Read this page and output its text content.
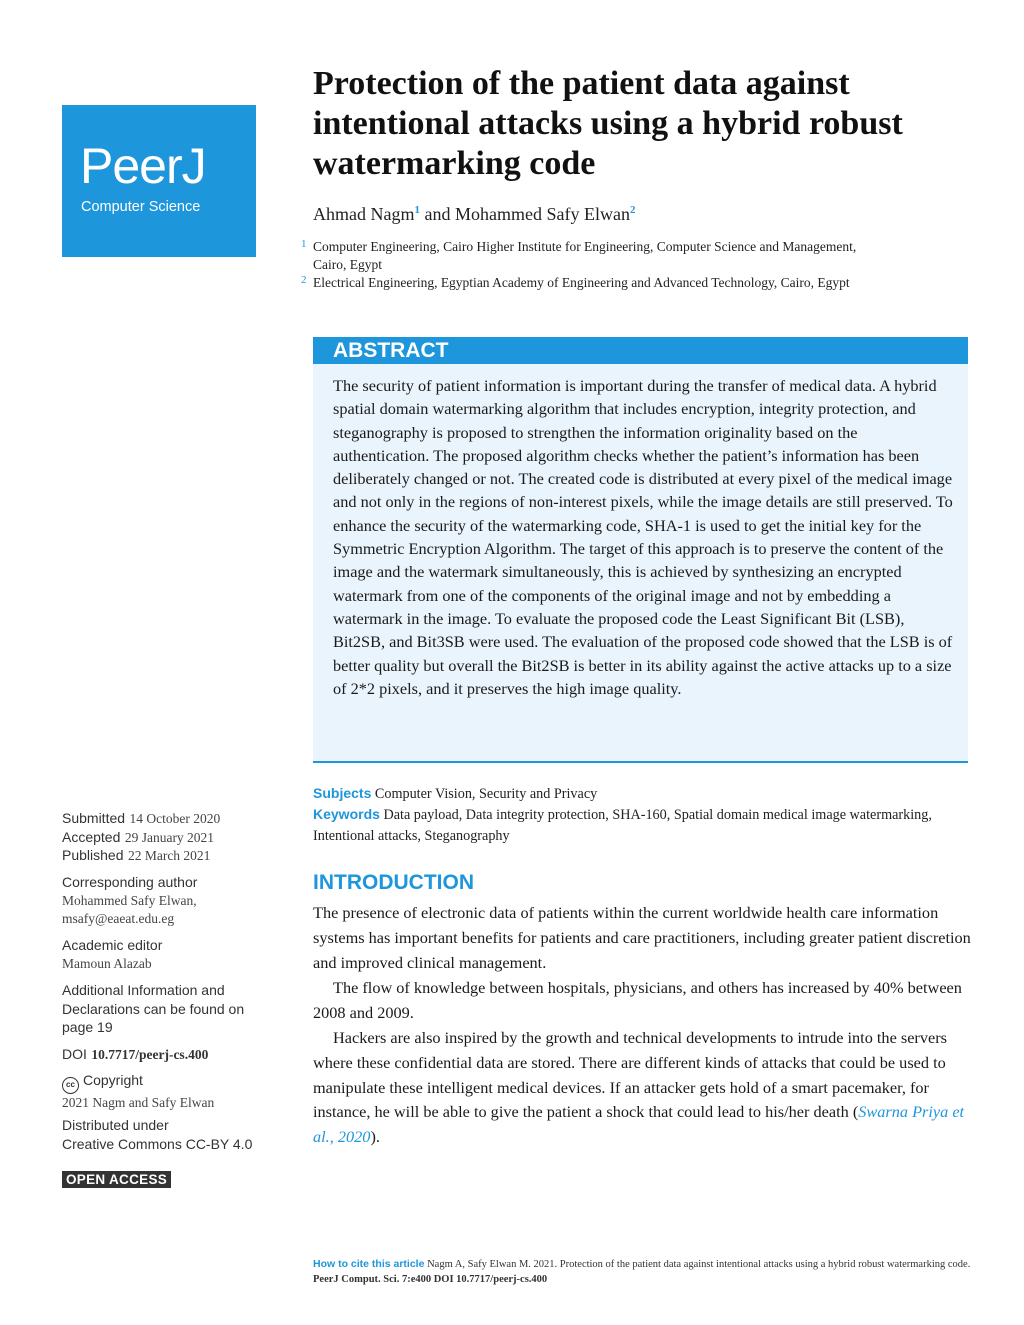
PeerJ
Computer Science
Protection of the patient data against intentional attacks using a hybrid robust watermarking code
Ahmad Nagm$^1$ and Mohammed Safy Elwan$^2$
1 Computer Engineering, Cairo Higher Institute for Engineering, Computer Science and Management, Cairo, Egypt
2 Electrical Engineering, Egyptian Academy of Engineering and Advanced Technology, Cairo, Egypt
ABSTRACT

The security of patient information is important during the transfer of medical data. A hybrid spatial domain watermarking algorithm that includes encryption, integrity protection, and steganography is proposed to strengthen the information originality based on the authentication. The proposed algorithm checks whether the patient’s information has been deliberately changed or not. The created code is distributed at every pixel of the medical image and not only in the regions of non-interest pixels, while the image details are still preserved. To enhance the security of the watermarking code, SHA-1 is used to get the initial key for the Symmetric Encryption Algorithm. The target of this approach is to preserve the content of the image and the watermark simultaneously, this is achieved by synthesizing an encrypted watermark from one of the components of the original image and not by embedding a watermark in the image. To evaluate the proposed code the Least Significant Bit (LSB), Bit2SB, and Bit3SB were used. The evaluation of the proposed code showed that the LSB is of better quality but overall the Bit2SB is better in its ability against the active attacks up to a size of 2*2 pixels, and it preserves the high image quality.

Subjects Computer Vision, Security and Privacy
Keywords Data payload, Data integrity protection, SHA-160, Spatial domain medical image watermarking, Intentional attacks, Steganography
INTRODUCTION

The presence of electronic data of patients within the current worldwide health care information systems has important benefits for patients and care practitioners, including greater patient discretion and improved clinical management.

The flow of knowledge between hospitals, physicians, and others has increased by 40% between 2008 and 2009.

Hackers are also inspired by the growth and technical developments to intrude into the servers where these confidential data are stored. There are different kinds of attacks that could be used to manipulate these intelligent medical devices. If an attacker gets hold of a smart pacemaker, for instance, he will be able to give the patient a shock that could lead to his/her death (Swarna Priya et al., 2020).

Submitted 14 October 2020
Accepted 29 January 2021
Published 22 March 2021
Corresponding author
Mohammed Safy Elwan,
msafy@eaeat.edu.eg
Academic editor
Mamoun Alazab
Additional Information and Declarations can be found on page 19
DOI 10.7717/peerj-cs.400
cc Copyright
2021 Nagm and Safy Elwan
Distributed under
Creative Commons CC-BY 4.0
OPEN ACCESS
How to cite this article Nagm A, Safy Elwan M. 2021. Protection of the patient data against intentional attacks using a hybrid robust watermarking code. PeerJ Comput. Sci. 7:e400 DOI 10.7717/peerj-cs.400
